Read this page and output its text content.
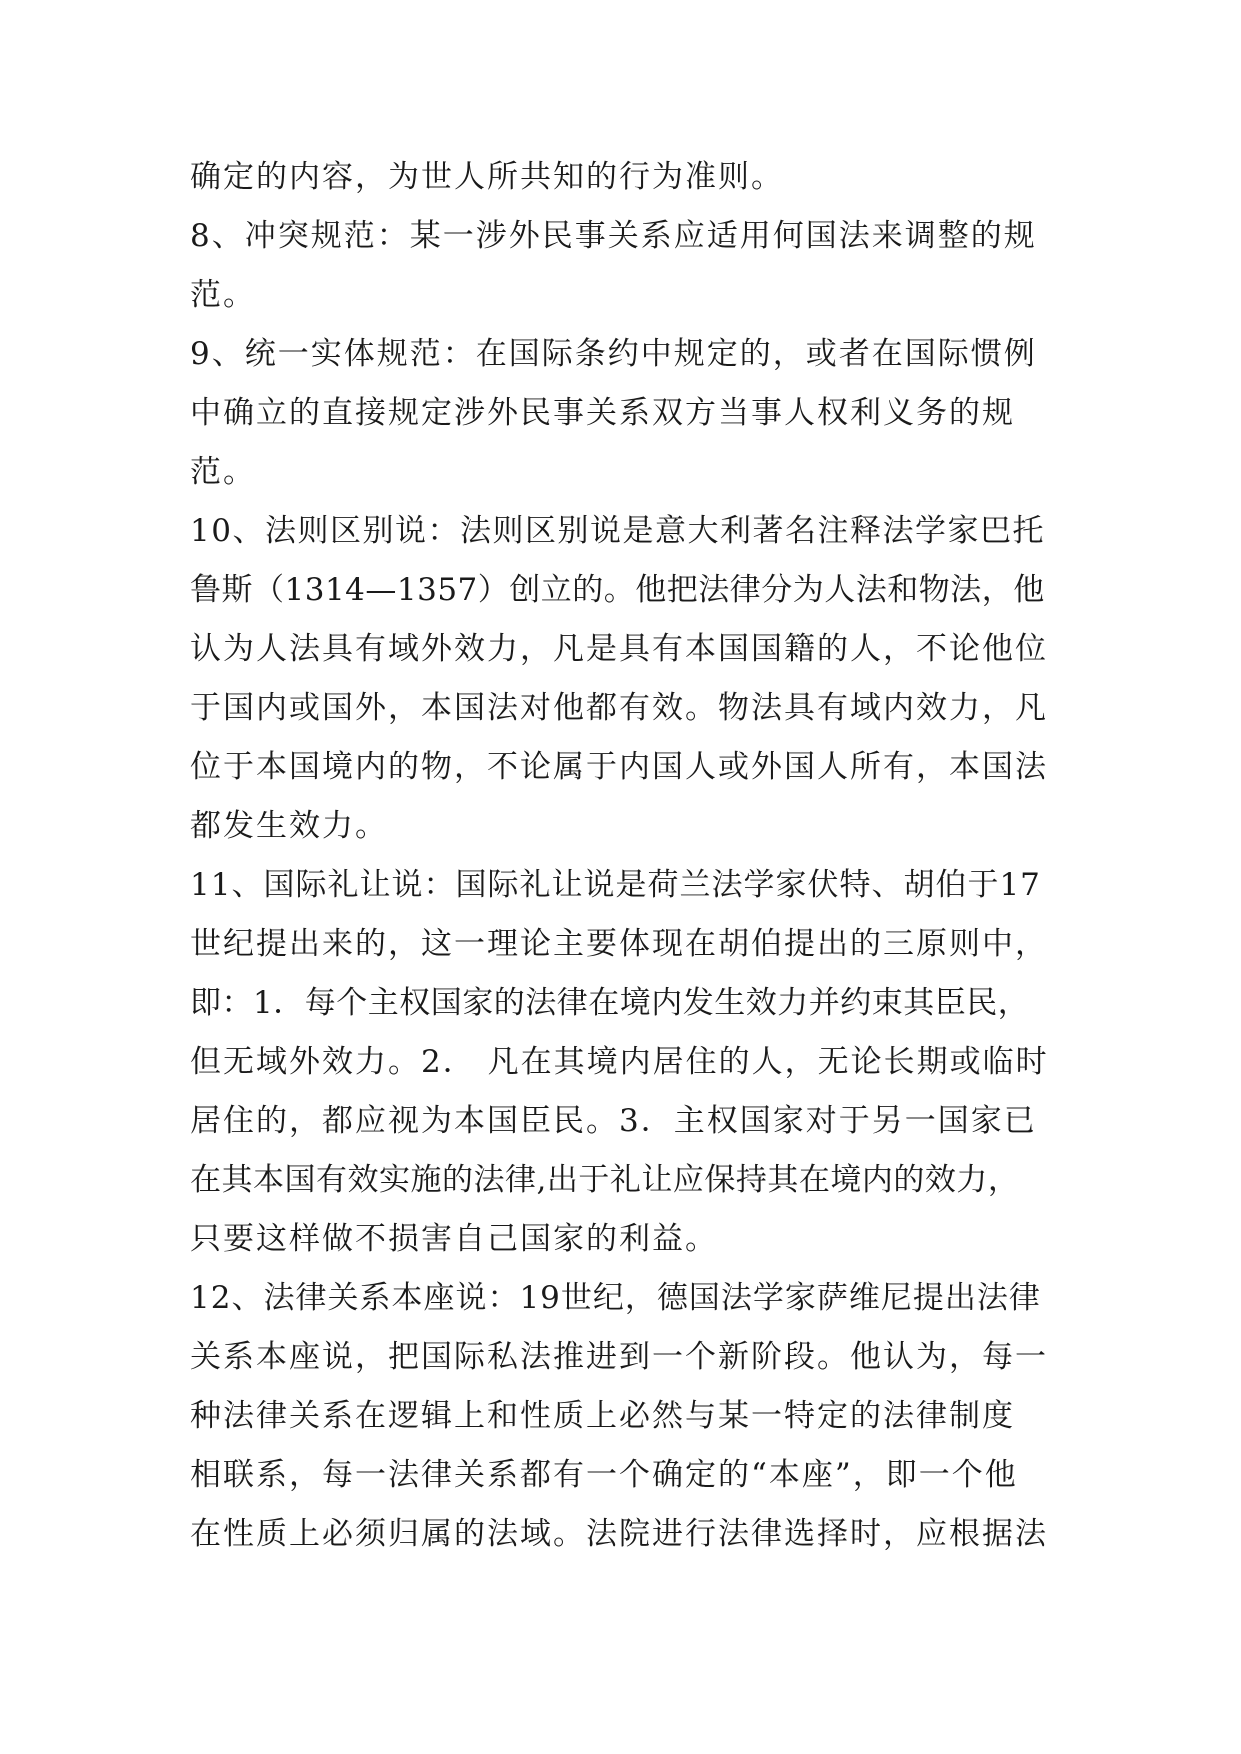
确定的内容，为世人所共知的行为准则。
8、冲突规范：某一涉外民事关系应适用何国法来调整的规
范。
9、统一实体规范：在国际条约中规定的，或者在国际惯例
中确立的直接规定涉外民事关系双方当事人权利义务的规
范。
10、法则区别说：法则区别说是意大利著名注释法学家巴托
鲁斯（1314—1357）创立的。他把法律分为人法和物法，他
认为人法具有域外效力，凡是具有本国国籍的人，不论他位
于国内或国外，本国法对他都有效。物法具有域内效力，凡
位于本国境内的物，不论属于内国人或外国人所有，本国法
都发生效力。
11、国际礼让说：国际礼让说是荷兰法学家伏特、胡伯于17
世纪提出来的，这一理论主要体现在胡伯提出的三原则中，
即：1．每个主权国家的法律在境内发生效力并约束其臣民，
但无域外效力。2． 凡在其境内居住的人，无论长期或临时
居住的，都应视为本国臣民。3．主权国家对于另一国家已
在其本国有效实施的法律,出于礼让应保持其在境内的效力，
只要这样做不损害自己国家的利益。
12、法律关系本座说：19世纪，德国法学家萨维尼提出法律
关系本座说，把国际私法推进到一个新阶段。他认为，每一
种法律关系在逻辑上和性质上必然与某一特定的法律制度
相联系，每一法律关系都有一个确定的“本座”，即一个他
在性质上必须归属的法域。法院进行法律选择时，应根据法
